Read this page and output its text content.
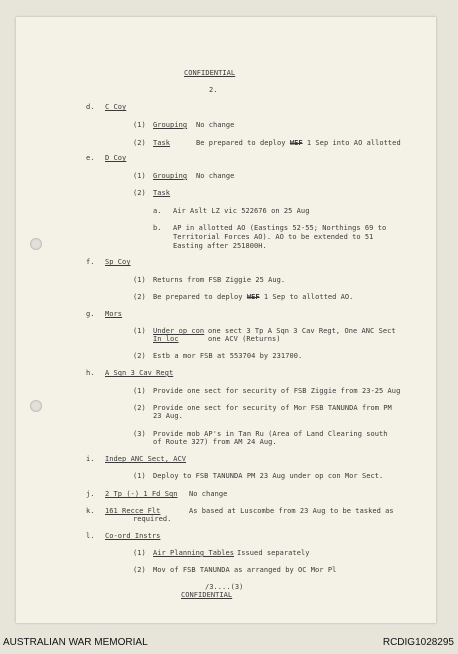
CONFIDENTIAL
2.
d. C Coy
(1) Grouping No change
(2) Task	Be prepared to deploy WEF 1 Sep into AO allotted
e. D Coy
(1) Grouping No change
(2) Task
a. Air Aslt LZ vic 522676 on 25 Aug
b. AP in allotted AO (Eastings 52-55; Northings 69 to Territorial Forces AO). AO to be extended to 51 Easting after 251800H.
f. Sp Coy
(1) Returns from FSB Ziggie 25 Aug.
(2) Be prepared to deploy WEF 1 Sep to allotted AO.
g. Mors
(1) Under op con one sect 3 Tp A Sqn 3 Cav Regt, One ANC Sect
In loc	one ACV (Returns)
(2) Estb a mor FSB at 553704 by 231700.
h. A Sqn 3 Cav Regt
(1) Provide one sect for security of FSB Ziggie from 23-25 Aug
(2) Provide one sect for security of Mor FSB TANUNDA from PM
23 Aug.
(3) Provide mob AP's in Tan Ru (Area of Land Clearing south
of Route 327) from AM 24 Aug.
i. Indep ANC Sect, ACV
(1) Deploy to FSB TANUNDA PM 23 Aug under op con Mor Sect.
j. 2 Tp (-) 1 Fd Sqn No change
k. 161 Recce Flt	As based at Luscombe from 23 Aug to be tasked as
required.
l. Co-ord Instrs
(1) Air Planning Tables Issued separately
(2) Mov of FSB TANUNDA as arranged by OC Mor Pl
/3....(3)
CONFIDENTIAL
AUSTRALIAN WAR MEMORIAL	RCDIG1028295
